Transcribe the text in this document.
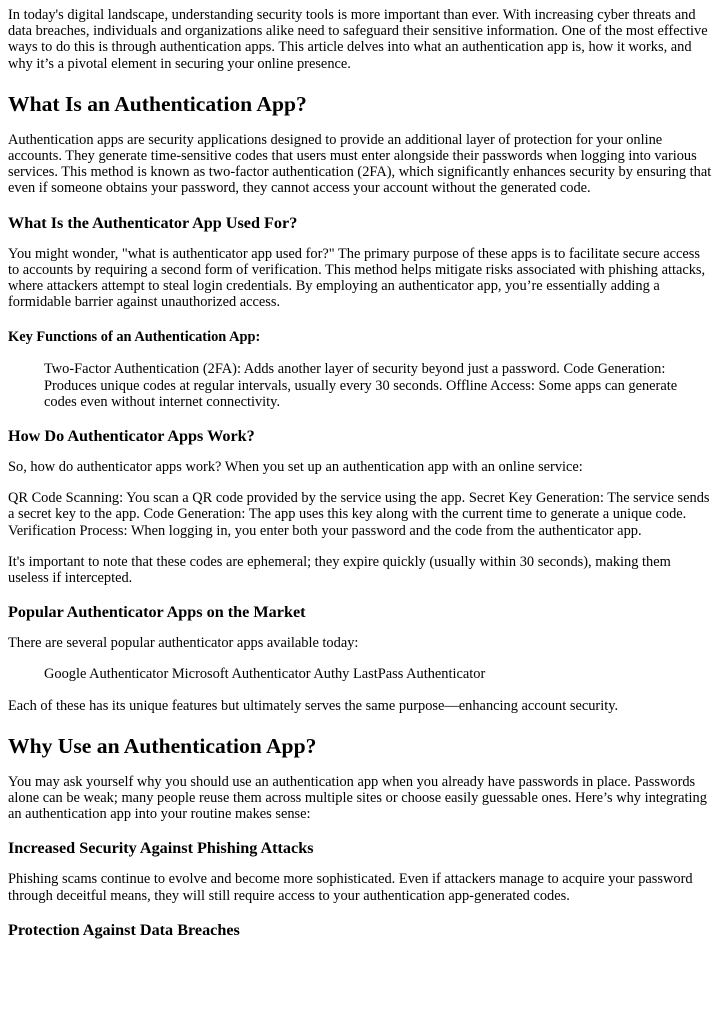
In today's digital landscape, understanding security tools is more important than ever. With increasing cyber threats and data breaches, individuals and organizations alike need to safeguard their sensitive information. One of the most effective ways to do this is through authentication apps. This article delves into what an authentication app is, how it works, and why it’s a pivotal element in securing your online presence.

What Is an Authentication App?

Authentication apps are security applications designed to provide an additional layer of protection for your online accounts. They generate time-sensitive codes that users must enter alongside their passwords when logging into various services. This method is known as two-factor authentication (2FA), which significantly enhances security by ensuring that even if someone obtains your password, they cannot access your account without the generated code.

What Is the Authenticator App Used For?

You might wonder, "what is authenticator app used for?" The primary purpose of these apps is to facilitate secure access to accounts by requiring a second form of verification. This method helps mitigate risks associated with phishing attacks, where attackers attempt to steal login credentials. By employing an authenticator app, you’re essentially adding a formidable barrier against unauthorized access.

Key Functions of an Authentication App:
Two-Factor Authentication (2FA): Adds another layer of security beyond just a password. Code Generation: Produces unique codes at regular intervals, usually every 30 seconds. Offline Access: Some apps can generate codes even without internet connectivity.
How Do Authenticator Apps Work?

So, how do authenticator apps work? When you set up an authentication app with an online service:

QR Code Scanning: You scan a QR code provided by the service using the app. Secret Key Generation: The service sends a secret key to the app. Code Generation: The app uses this key along with the current time to generate a unique code. Verification Process: When logging in, you enter both your password and the code from the authenticator app.

It's important to note that these codes are ephemeral; they expire quickly (usually within 30 seconds), making them useless if intercepted.

Popular Authenticator Apps on the Market

There are several popular authenticator apps available today:

Google Authenticator Microsoft Authenticator Authy LastPass Authenticator

Each of these has its unique features but ultimately serves the same purpose—enhancing account security.

Why Use an Authentication App?

You may ask yourself why you should use an authentication app when you already have passwords in place. Passwords alone can be weak; many people reuse them across multiple sites or choose easily guessable ones. Here’s why integrating an authentication app into your routine makes sense:

Increased Security Against Phishing Attacks

Phishing scams continue to evolve and become more sophisticated. Even if attackers manage to acquire your password through deceitful means, they will still require access to your authentication app-generated codes.

Protection Against Data Breaches
